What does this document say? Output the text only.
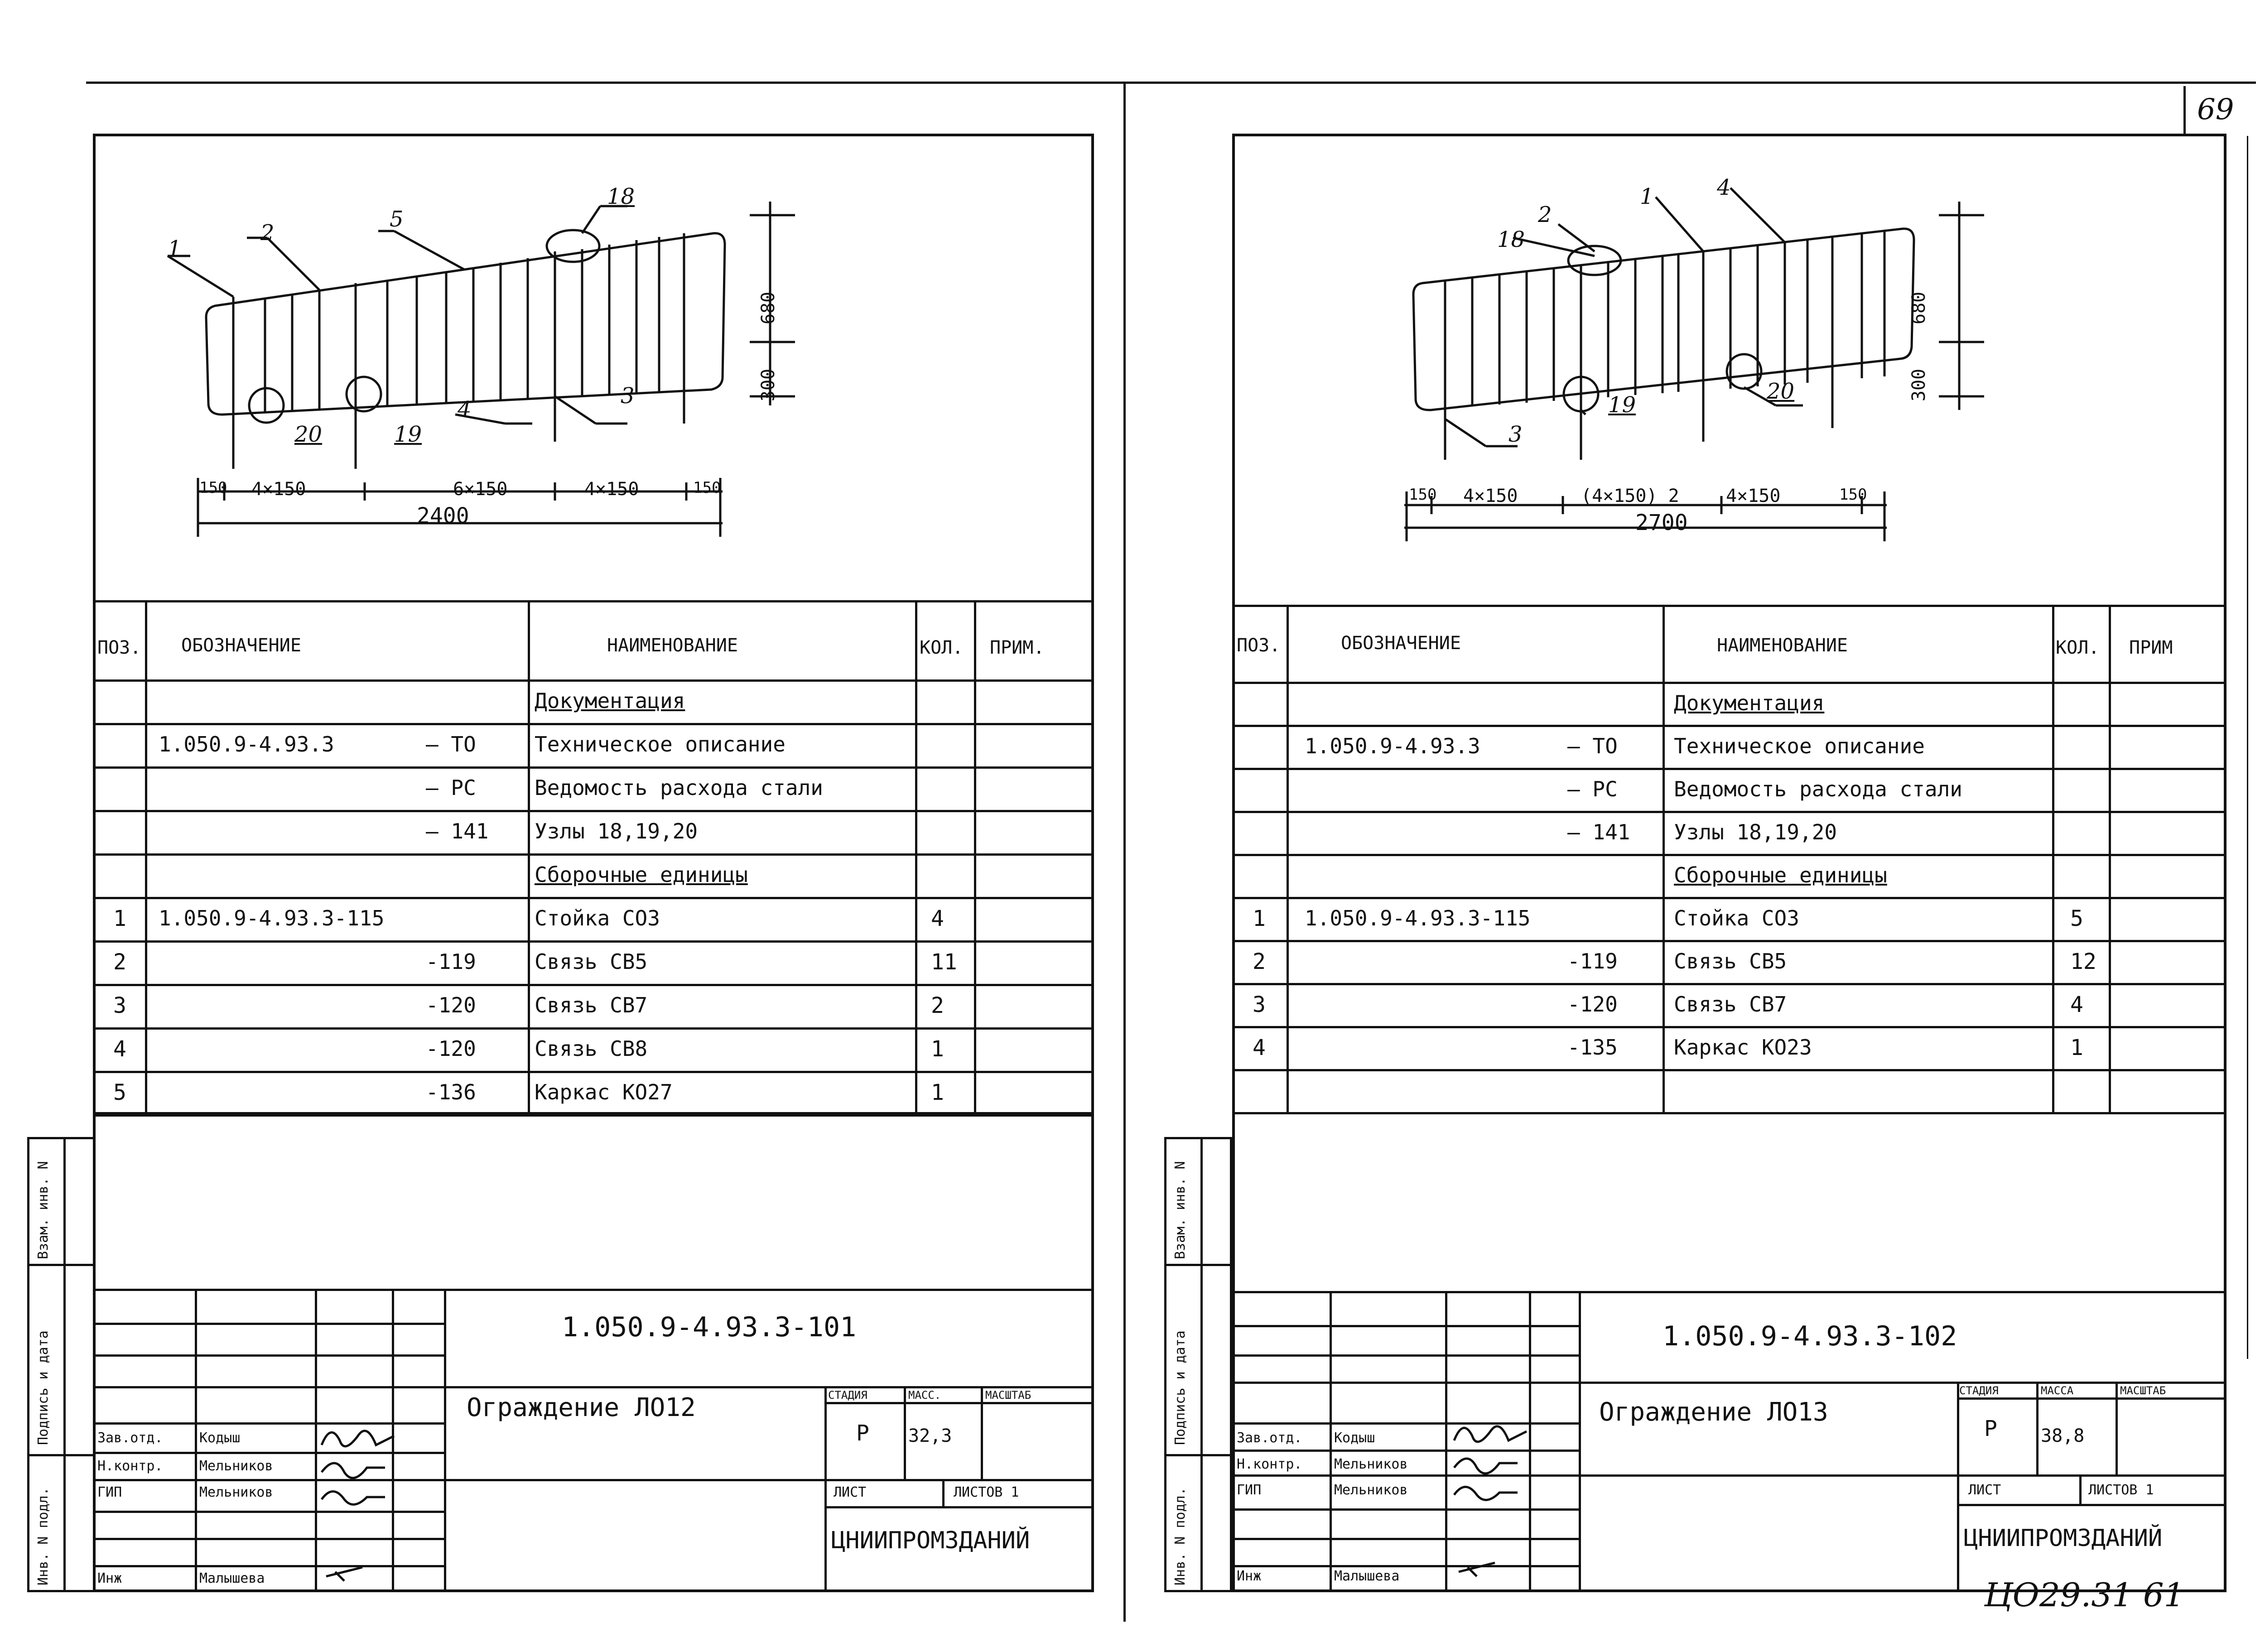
69
ЦО29.31 61
1
2
5
18
20	19
4
3
680
300
150 4×150	6×150	4×150	150
2400
ПОЗ. ОБОЗНАЧЕНИЕ	НАИМЕНОВАНИЕ	КОЛ. ПРИМ.
Документация
1.050.9-4.93.3	– ТО	Техническое описание
– РС	Ведомость расхода стали
– 141 Узлы 18,19,20
Сборочные единицы
1 1.050.9-4.93.3-115	Стойка СО3	4
2	-119	Связь СВ5	11
3	-120	Связь СВ7	2
4	-120	Связь СВ8	1
5	-136	Каркас КО27	1
Взам. инв. N
Подпись и дата
Инв. N подл.
1.050.9-4.93.3-101
Ограждение ЛО12	СТАДИЯ	МАСС.	МАСШТАБ
Р 32,3
ЛИСТ	ЛИСТОВ 1
ЦНИИПРОМЗДАНИЙ
Зав.отд.	Кодыш
Н.контр.	Мельников
ГИП	Мельников
Инж	Малышева
18
2
1	4
3
19
20
680
300
150 4×150	(4×150) 2	4×150	150
2700
ПОЗ.	ОБОЗНАЧЕНИЕ	НАИМЕНОВАНИЕ	КОЛ. ПРИМ
Документация
1.050.9-4.93.3	– ТО	Техническое описание
– РС	Ведомость расхода стали
– 141 Узлы 18,19,20
Сборочные единицы
1 1.050.9-4.93.3-115	Стойка СО3	5
2	-119	Связь СВ5	12
3	-120	Связь СВ7	4
4	-135	Каркас КО23	1
Взам. инв. N
Подпись и дата
Инв. N подл.
1.050.9-4.93.3-102
Ограждение ЛО13
СТАДИЯ	МАССА	МАСШТАБ
Р 38,8
ЛИСТ	ЛИСТОВ 1
ЦНИИПРОМЗДАНИЙ
Зав.отд. Кодыш
Н.контр. Мельников
ГИП	Мельников
Инж	Малышева
